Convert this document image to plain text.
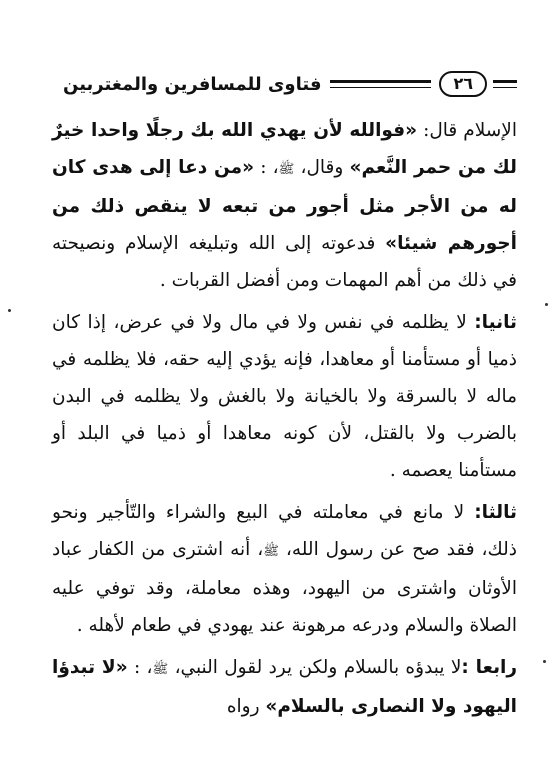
فتاوى للمسافرين والمغتربين	٢٦

الإسلام قال: «فوالله لأن يهدي الله بك رجلًا واحدا خيرٌ لك من حمر النَّعم» وقال، ﷺ، : «من دعا إلى هدى كان له من الأجر مثل أجور من تبعه لا ينقص ذلك من أجورهم شيئا» فدعوته إلى الله وتبليغه الإسلام ونصيحته في ذلك من أهم المهمات ومن أفضل القربات .

ثانيا: لا يظلمه في نفس ولا في مال ولا في عرض، إذا كان ذميا أو مستأمنا أو معاهدا، فإنه يؤدي إليه حقه، فلا يظلمه في ماله لا بالسرقة ولا بالخيانة ولا بالغش ولا يظلمه في البدن بالضرب ولا بالقتل، لأن كونه معاهدا أو ذميا في البلد أو مستأمنا يعصمه .

ثالثا: لا مانع في معاملته في البيع والشراء والتّأجير ونحو ذلك، فقد صح عن رسول الله، ﷺ، أنه اشترى من الكفار عباد الأوثان واشترى من اليهود، وهذه معاملة، وقد توفي عليه الصلاة والسلام ودرعه مرهونة عند يهودي في طعام لأهله .

رابعا :لا يبدؤه بالسلام ولكن يرد لقول النبي، ﷺ، : «لا تبدؤا اليهود ولا النصارى بالسلام» رواه
